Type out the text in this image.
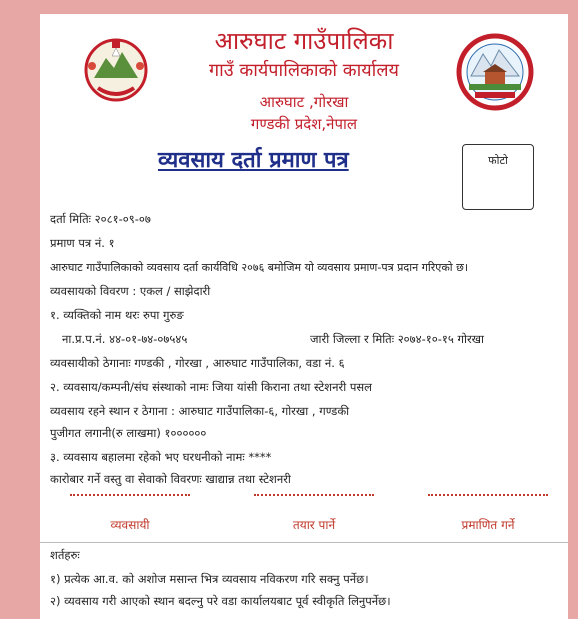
आरुघाट गाउँपालिका
गाउँ कार्यपालिकाको कार्यालय
आरुघाट ,गोरखा
गण्डकी प्रदेश,नेपाल
व्यवसाय दर्ता प्रमाण पत्र	फोटो
दर्ता मितिः २०८१-०९-०७
प्रमाण पत्र नं. १
आरुघाट गाउँपालिकाको व्यवसाय दर्ता कार्यविधि २०७६ बमोजिम यो व्यवसाय प्रमाण-पत्र प्रदान गरिएको छ।
व्यवसायको विवरण : एकल / साझेदारी
१. व्यक्तिको नाम थरः रुपा गुरुङ
ना.प्र.प.नं. ४४-०१-७४-०७५४५	जारी जिल्ला र मितिः २०७४-१०-१५ गोरखा
व्यवसायीको ठेगानाः गण्डकी , गोरखा , आरुघाट गाउँपालिका, वडा नं. ६
२. व्यवसाय/कम्पनी/संघ संस्थाको नामः जिया यांसी किराना तथा स्टेशनरी पसल
व्यवसाय रहने स्थान र ठेगाना : आरुघाट गाउँपालिका-६, गोरखा , गण्डकी
पुजीगत लगानी(रु लाखमा) १००००००
३. व्यवसाय बहालमा रहेको भए घरधनीको नामः ****
कारोबार गर्ने वस्तु वा सेवाको विवरणः खाद्यान्न तथा स्टेशनरी
व्यवसायी	तयार पार्ने	प्रमाणित गर्ने
शर्तहरुः
१) प्रत्येक आ.व. को अशोज मसान्त भित्र व्यवसाय नविकरण गरि सक्नु पर्नेछ।
२) व्यवसाय गरी आएको स्थान बदल्नु परे वडा कार्यालयबाट पूर्व स्वीकृति लिनुपर्नेछ।
